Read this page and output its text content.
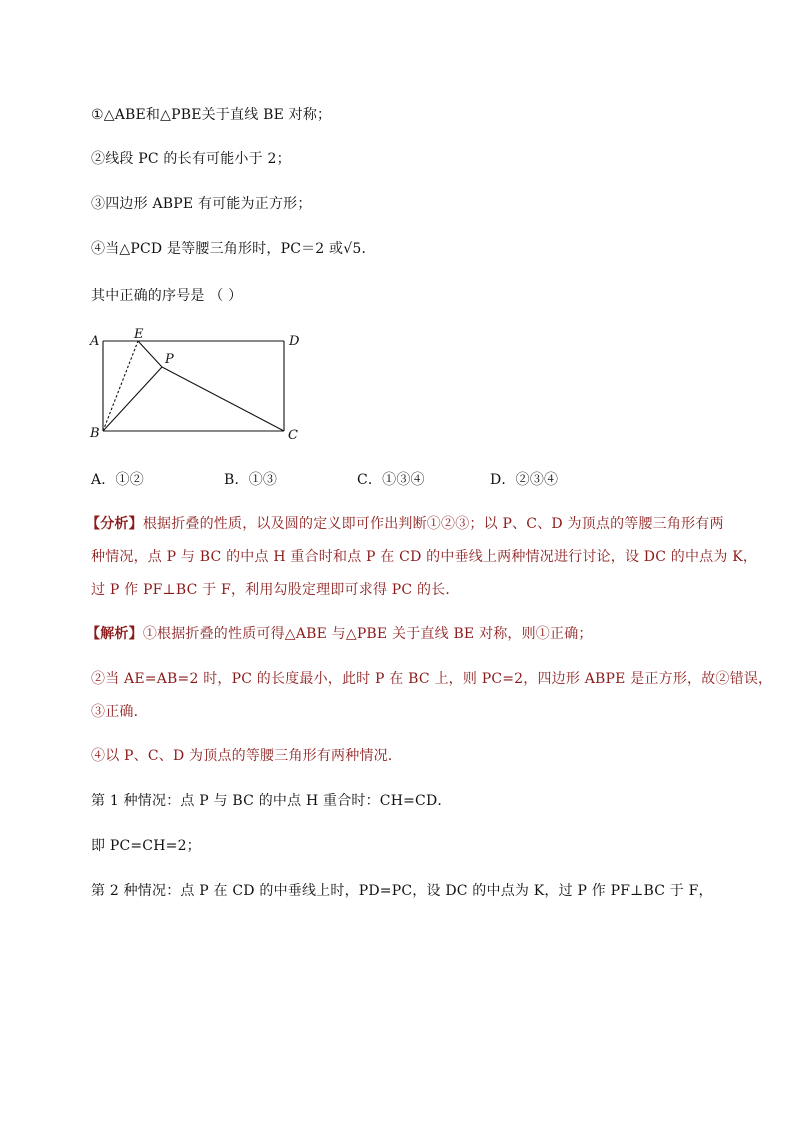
①△ABE和△PBE关于直线 BE 对称；
②线段 PC 的长有可能小于 2；
③四边形 ABPE 有可能为正方形；
④当△PCD 是等腰三角形时，PC＝2 或√5．
其中正确的序号是 （ ）
A	E
P
D
B	C
A．①②	B．①③	C．①③④	D．②③④
【分析】根据折叠的性质，以及圆的定义即可作出判断①②③；以 P、C、D 为顶点的等腰三角形有两
种情况，点 P 与 BC 的中点 H 重合时和点 P 在 CD 的中垂线上两种情况进行讨论，设 DC 的中点为 K，
过 P 作 PF⊥BC 于 F，利用勾股定理即可求得 PC 的长．
【解析】①根据折叠的性质可得△ABE 与△PBE 关于直线 BE 对称，则①正确；
②当 AE=AB=2 时，PC 的长度最小，此时 P 在 BC 上，则 PC=2，四边形 ABPE 是正方形，故②错误，
③正确．
④以 P、C、D 为顶点的等腰三角形有两种情况．
第 1 种情况：点 P 与 BC 的中点 H 重合时：CH=CD．
即 PC=CH=2；
第 2 种情况：点 P 在 CD 的中垂线上时，PD=PC，设 DC 的中点为 K，过 P 作 PF⊥BC 于 F，
